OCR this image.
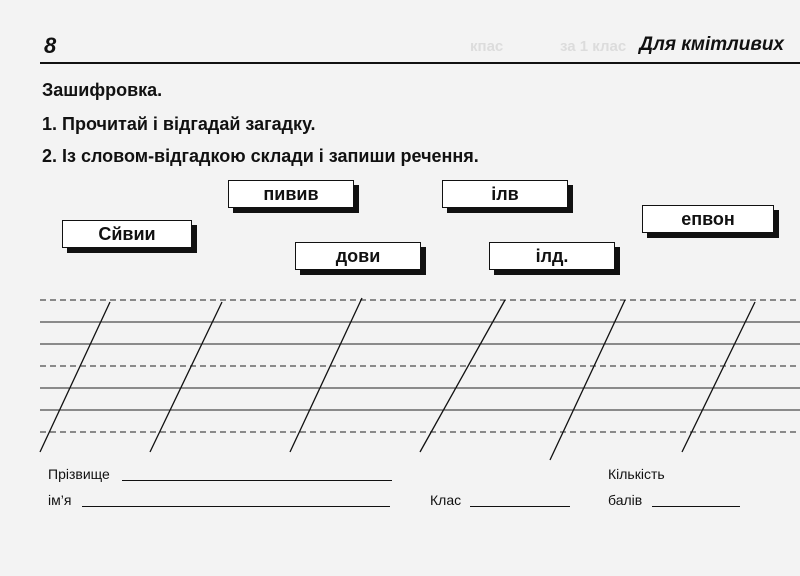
кпас	за 1 клас
8	Для кмітливих
Зашифровка.
1. Прочитай і відгадай загадку.
2. Із словом-відгадкою склади і запиши речення.
пивив	ілв
епвон
Сйвии
дови	ілд.
Прізвище
ім’я	Клас
Кількість
балів
